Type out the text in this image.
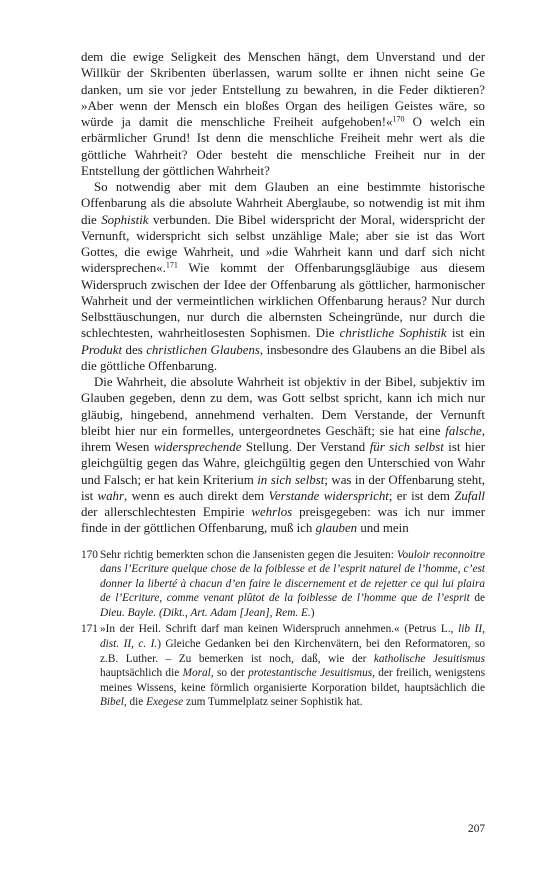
dem die ewige Seligkeit des Menschen hängt, dem Unverstand und der Willkür der Skribenten überlassen, warum sollte er ihnen nicht seine Ge danken, um sie vor jeder Entstellung zu bewahren, in die Feder diktieren? »Aber wenn der Mensch ein bloßes Organ des heiligen Geistes wäre, so würde ja damit die menschliche Freiheit aufgehoben!«$^{170}$ O welch ein erbärmlicher Grund! Ist denn die menschliche Freiheit mehr wert als die göttliche Wahrheit? Oder besteht die menschliche Freiheit nur in der Entstellung der göttlichen Wahrheit?

So notwendig aber mit dem Glauben an eine bestimmte historische Offenbarung als die absolute Wahrheit Aberglaube, so notwendig ist mit ihm die Sophistik verbunden. Die Bibel widerspricht der Moral, widerspricht der Vernunft, widerspricht sich selbst unzählige Male; aber sie ist das Wort Gottes, die ewige Wahrheit, und »die Wahrheit kann und darf sich nicht widersprechen«.$^{171}$ Wie kommt der Offenbarungsgläubige aus diesem Widerspruch zwischen der Idee der Offenbarung als göttlicher, harmonischer Wahrheit und der vermeintlichen wirklichen Offenbarung heraus? Nur durch Selbsttäuschungen, nur durch die albernsten Scheingründe, nur durch die schlechtesten, wahrheitlosesten Sophismen. Die christliche Sophistik ist ein Produkt des christlichen Glaubens, insbesondre des Glaubens an die Bibel als die göttliche Offenbarung.

Die Wahrheit, die absolute Wahrheit ist objektiv in der Bibel, subjektiv im Glauben gegeben, denn zu dem, was Gott selbst spricht, kann ich mich nur gläubig, hingebend, annehmend verhalten. Dem Verstande, der Vernunft bleibt hier nur ein formelles, untergeordnetes Geschäft; sie hat eine falsche, ihrem Wesen widersprechende Stellung. Der Verstand für sich selbst ist hier gleichgültig gegen das Wahre, gleichgültig gegen den Unterschied von Wahr und Falsch; er hat kein Kriterium in sich selbst; was in der Offenbarung steht, ist wahr, wenn es auch direkt dem Verstande widerspricht; er ist dem Zufall der allerschlechtesten Empirie wehrlos preisgegeben: was ich nur immer finde in der göttlichen Offenbarung, muß ich glauben und mein

170 Sehr richtig bemerkten schon die Jansenisten gegen die Jesuiten: Vouloir reconnoitre dans l’Ecriture quelque chose de la foiblesse et de l’esprit naturel de l’homme, c’est donner la liberté à chacun d’en faire le discernement et de rejetter ce qui lui plaira de l’Ecriture, comme venant plûtot de la foiblesse de l’homme que de l’esprit de Dieu. Bayle. (Dikt., Art. Adam [Jean], Rem. E.)
171 »In der Heil. Schrift darf man keinen Widerspruch annehmen.« (Petrus L., lib II, dist. II, c. I.) Gleiche Gedanken bei den Kirchenvätern, bei den Reformatoren, so z.B. Luther. – Zu bemerken ist noch, daß, wie der katholische Jesuitismus hauptsächlich die Moral, so der protestantische Jesuitismus, der freilich, wenigstens meines Wissens, keine förmlich organisierte Korporation bildet, hauptsächlich die Bibel, die Exegese zum Tummelplatz seiner Sophistik hat.
207
